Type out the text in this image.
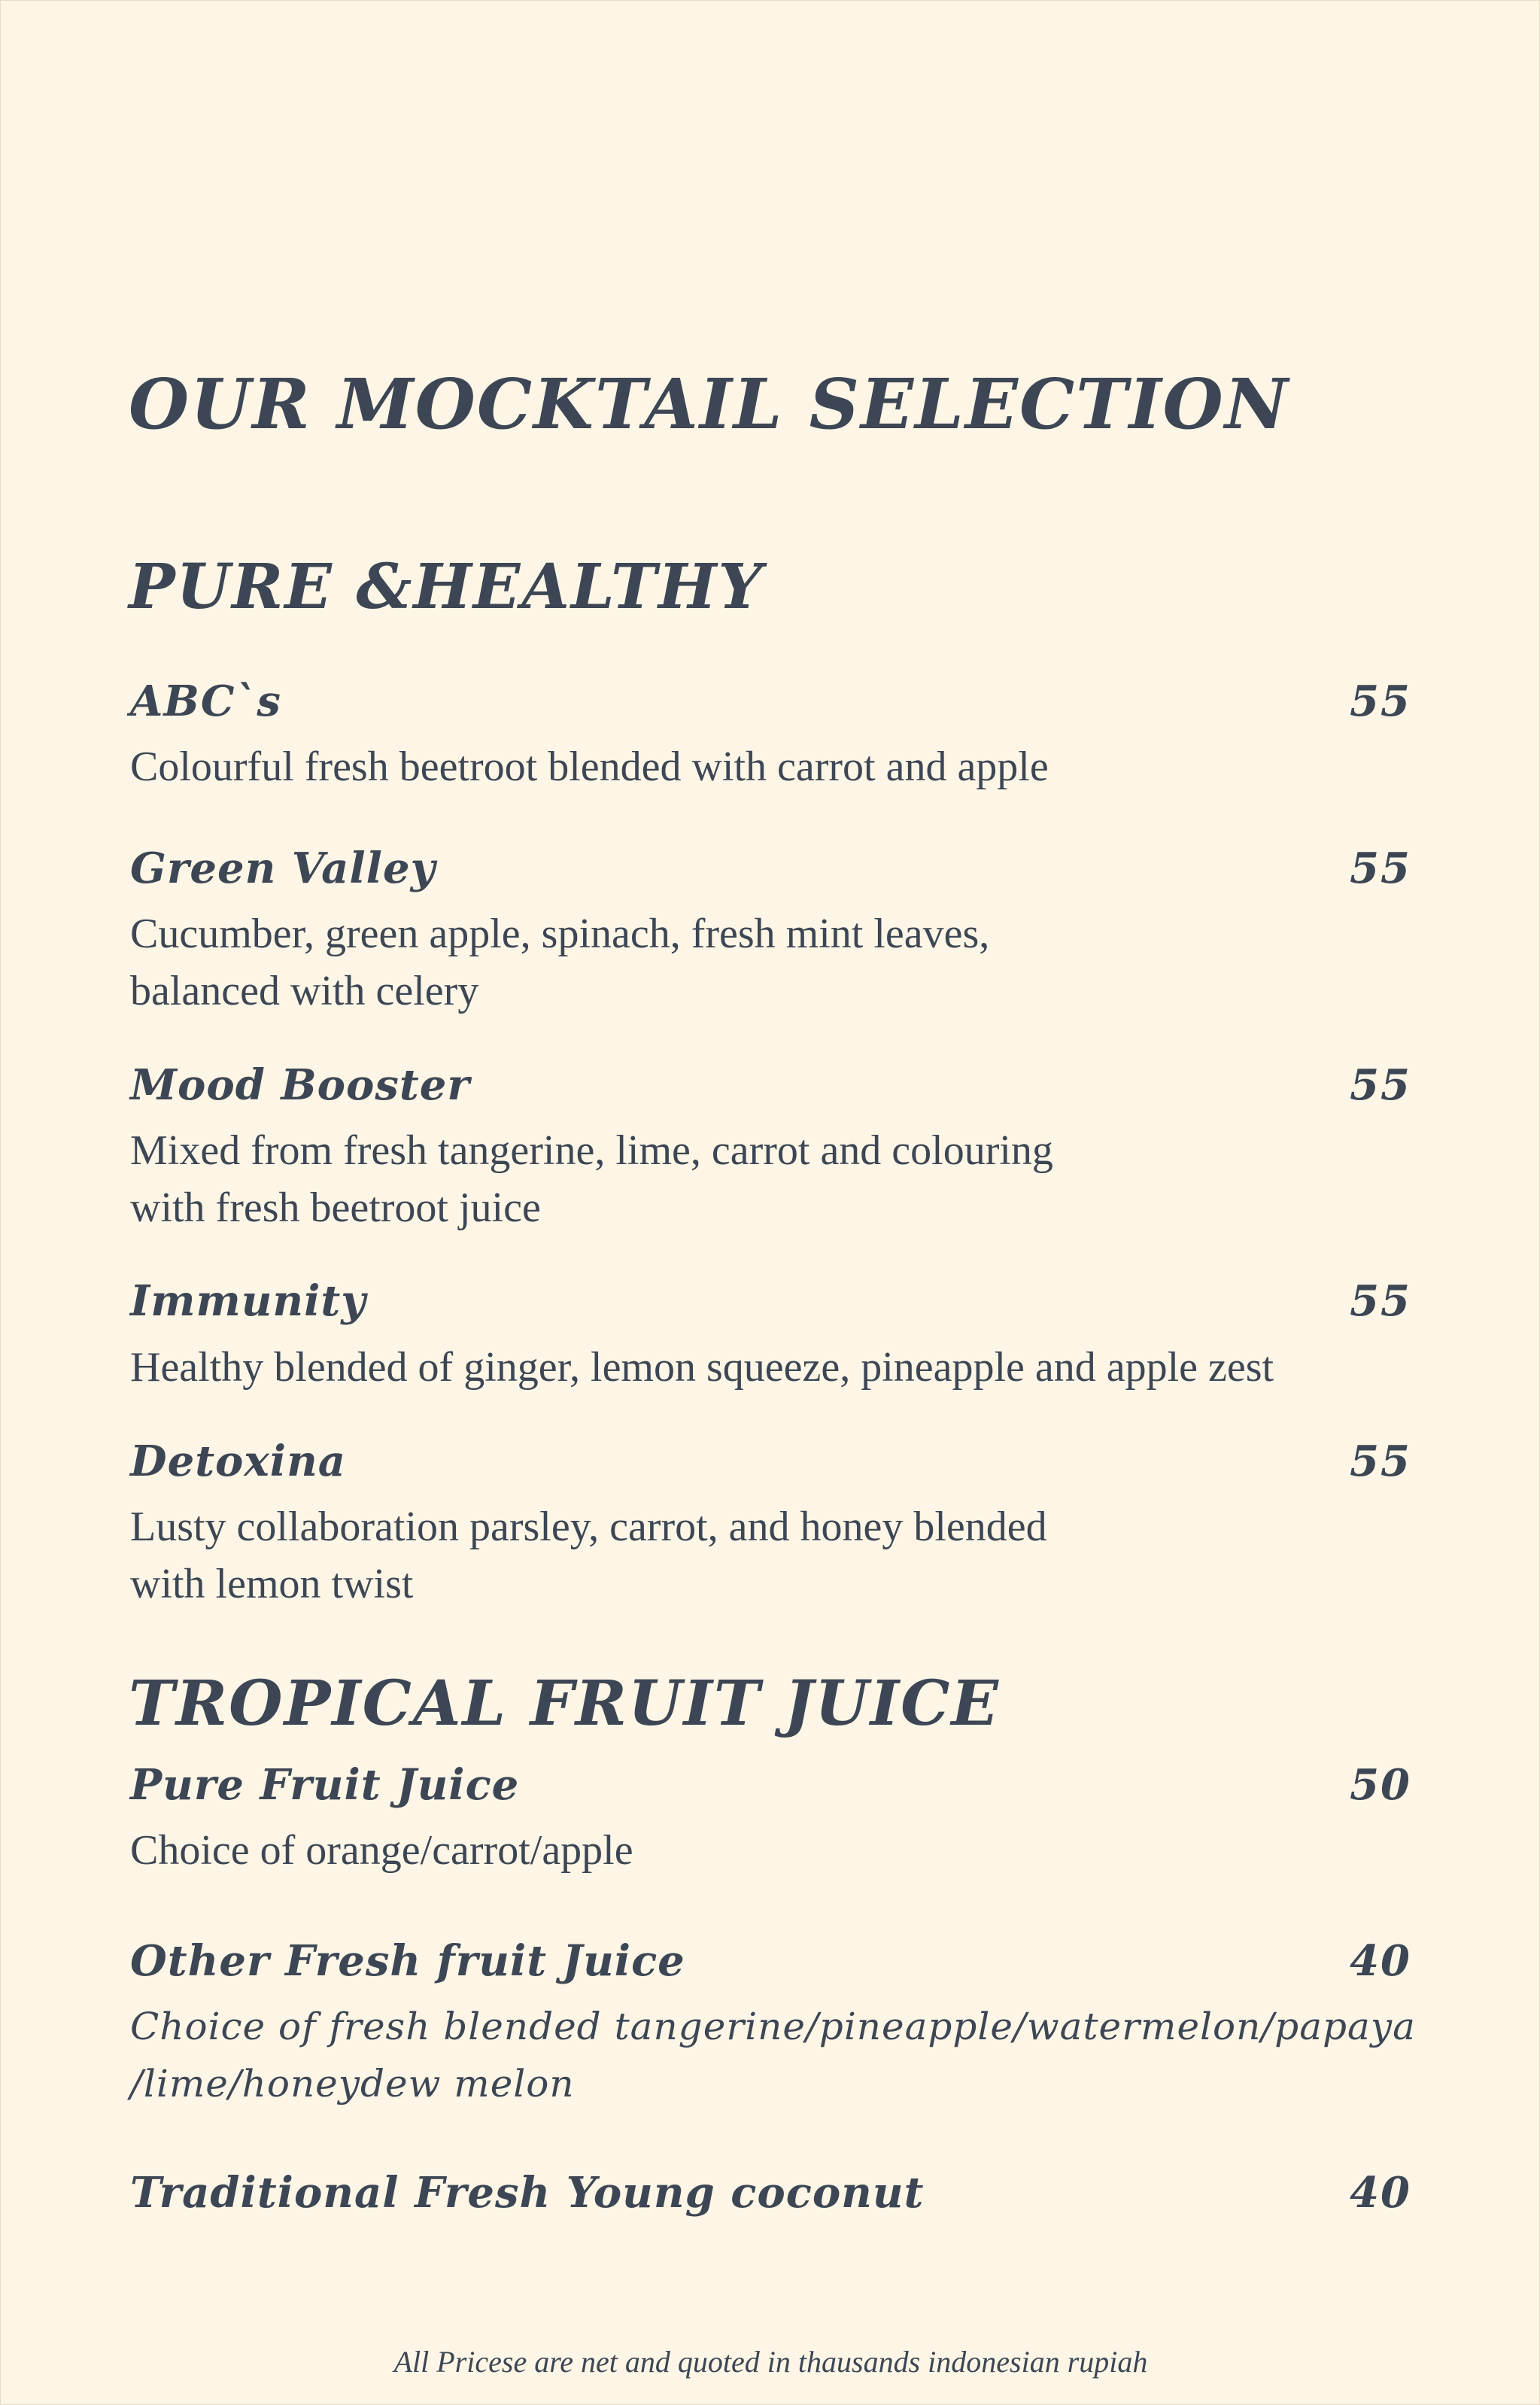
OUR MOCKTAIL SELECTION
PURE &HEALTHY
ABC`s	55
Colourful fresh beetroot blended with carrot and apple
Green Valley	55
Cucumber, green apple, spinach, fresh mint leaves,
balanced with celery
Mood Booster	55
Mixed from fresh tangerine, lime, carrot and colouring
with fresh beetroot juice
Immunity	55
Healthy blended of ginger, lemon squeeze, pineapple and apple zest
Detoxina	55
Lusty collaboration parsley, carrot, and honey blended
with lemon twist
TROPICAL FRUIT JUICE
Pure Fruit Juice	50
Choice of orange/carrot/apple
Other Fresh fruit Juice	40
Choice of fresh blended tangerine/pineapple/watermelon/papaya
/lime/honeydew melon
Traditional Fresh Young coconut	40
All Pricese are net and quoted in thausands indonesian rupiah
